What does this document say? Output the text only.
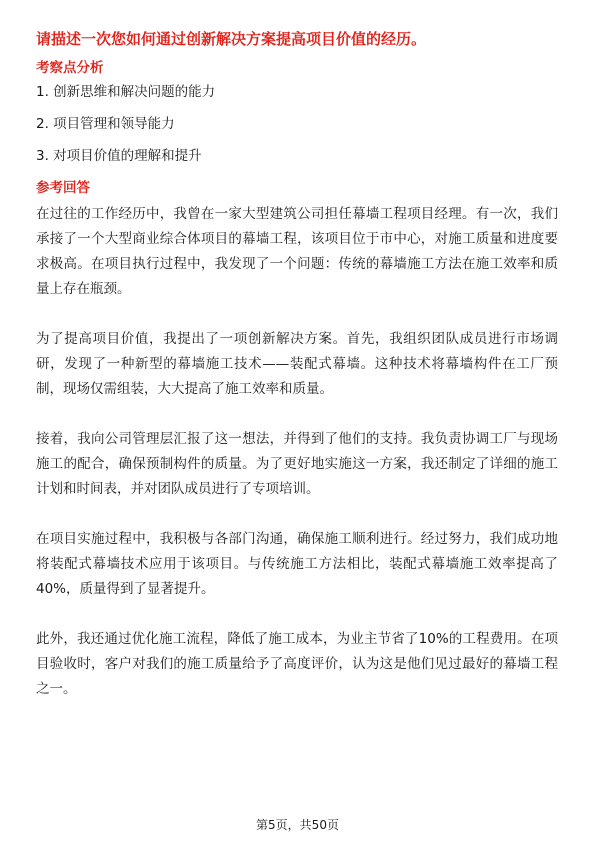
请描述一次您如何通过创新解决方案提高项目价值的经历。
考察点分析
1. 创新思维和解决问题的能力
2. 项目管理和领导能力
3. 对项目价值的理解和提升
参考回答

在过往的工作经历中，我曾在一家大型建筑公司担任幕墙工程项目经理。有一次，我们承接了一个大型商业综合体项目的幕墙工程，该项目位于市中心，对施工质量和进度要求极高。在项目执行过程中，我发现了一个问题：传统的幕墙施工方法在施工效率和质量上存在瓶颈。

为了提高项目价值，我提出了一项创新解决方案。首先，我组织团队成员进行市场调研，发现了一种新型的幕墙施工技术——装配式幕墙。这种技术将幕墙构件在工厂预制，现场仅需组装，大大提高了施工效率和质量。

接着，我向公司管理层汇报了这一想法，并得到了他们的支持。我负责协调工厂与现场施工的配合，确保预制构件的质量。为了更好地实施这一方案，我还制定了详细的施工计划和时间表，并对团队成员进行了专项培训。

在项目实施过程中，我积极与各部门沟通，确保施工顺利进行。经过努力，我们成功地将装配式幕墙技术应用于该项目。与传统施工方法相比，装配式幕墙施工效率提高了40%，质量得到了显著提升。

此外，我还通过优化施工流程，降低了施工成本，为业主节省了10%的工程费用。在项目验收时，客户对我们的施工质量给予了高度评价，认为这是他们见过最好的幕墙工程之一。

第5页，共50页
